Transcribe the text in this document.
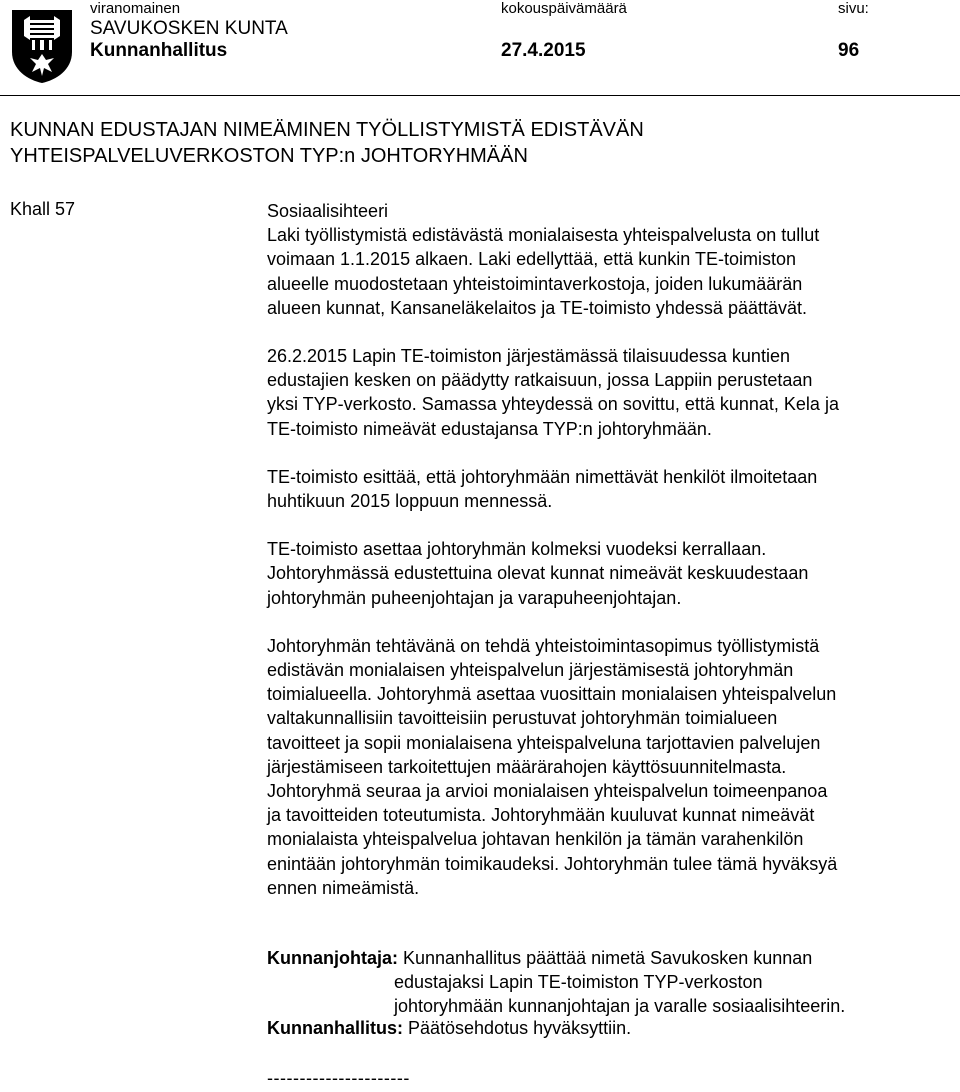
viranomainen	kokouspäivämäärä	sivu:
SAVUKOSKEN KUNTA
Kunnanhallitus	27.4.2015	96
KUNNAN EDUSTAJAN NIMEÄMINEN TYÖLLISTYMISTÄ EDISTÄVÄN
YHTEISPALVELUVERKOSTON TYP:n JOHTORYHMÄÄN
Khall 57	Sosiaalisihteeri

Laki työllistymistä edistävästä monialaisesta yhteispalvelusta on tullut
voimaan 1.1.2015 alkaen. Laki edellyttää, että kunkin TE-toimiston
alueelle muodostetaan yhteistoimintaverkostoja, joiden lukumäärän
alueen kunnat, Kansaneläkelaitos ja TE-toimisto yhdessä päättävät.

26.2.2015 Lapin TE-toimiston järjestämässä tilaisuudessa kuntien
edustajien kesken on päädytty ratkaisuun, jossa Lappiin perustetaan
yksi TYP-verkosto. Samassa yhteydessä on sovittu, että kunnat, Kela ja
TE-toimisto nimeävät edustajansa TYP:n johtoryhmään.

TE-toimisto esittää, että johtoryhmään nimettävät henkilöt ilmoitetaan
huhtikuun 2015 loppuun mennessä.

TE-toimisto asettaa johtoryhmän kolmeksi vuodeksi kerrallaan.
Johtoryhmässä edustettuina olevat kunnat nimeävät keskuudestaan
johtoryhmän puheenjohtajan ja varapuheenjohtajan.

Johtoryhmän tehtävänä on tehdä yhteistoimintasopimus työllistymistä
edistävän monialaisen yhteispalvelun järjestämisestä johtoryhmän
toimialueella. Johtoryhmä asettaa vuosittain monialaisen yhteispalvelun
valtakunnallisiin tavoitteisiin perustuvat johtoryhmän toimialueen
tavoitteet ja sopii monialaisena yhteispalveluna tarjottavien palvelujen
järjestämiseen tarkoitettujen määrärahojen käyttösuunnitelmasta.
Johtoryhmä seuraa ja arvioi monialaisen yhteispalvelun toimeenpanoa
ja tavoitteiden toteutumista. Johtoryhmään kuuluvat kunnat nimeävät
monialaista yhteispalvelua johtavan henkilön ja tämän varahenkilön
enintään johtoryhmän toimikaudeksi. Johtoryhmän tulee tämä hyväksyä
ennen nimeämistä.

Kunnanjohtaja: Kunnanhallitus päättää nimetä Savukosken kunnan
edustajaksi Lapin TE-toimiston TYP-verkoston
johtoryhmään kunnanjohtajan ja varalle sosiaalisihteerin.
Kunnanhallitus: Päätösehdotus hyväksyttiin.
----------------------
